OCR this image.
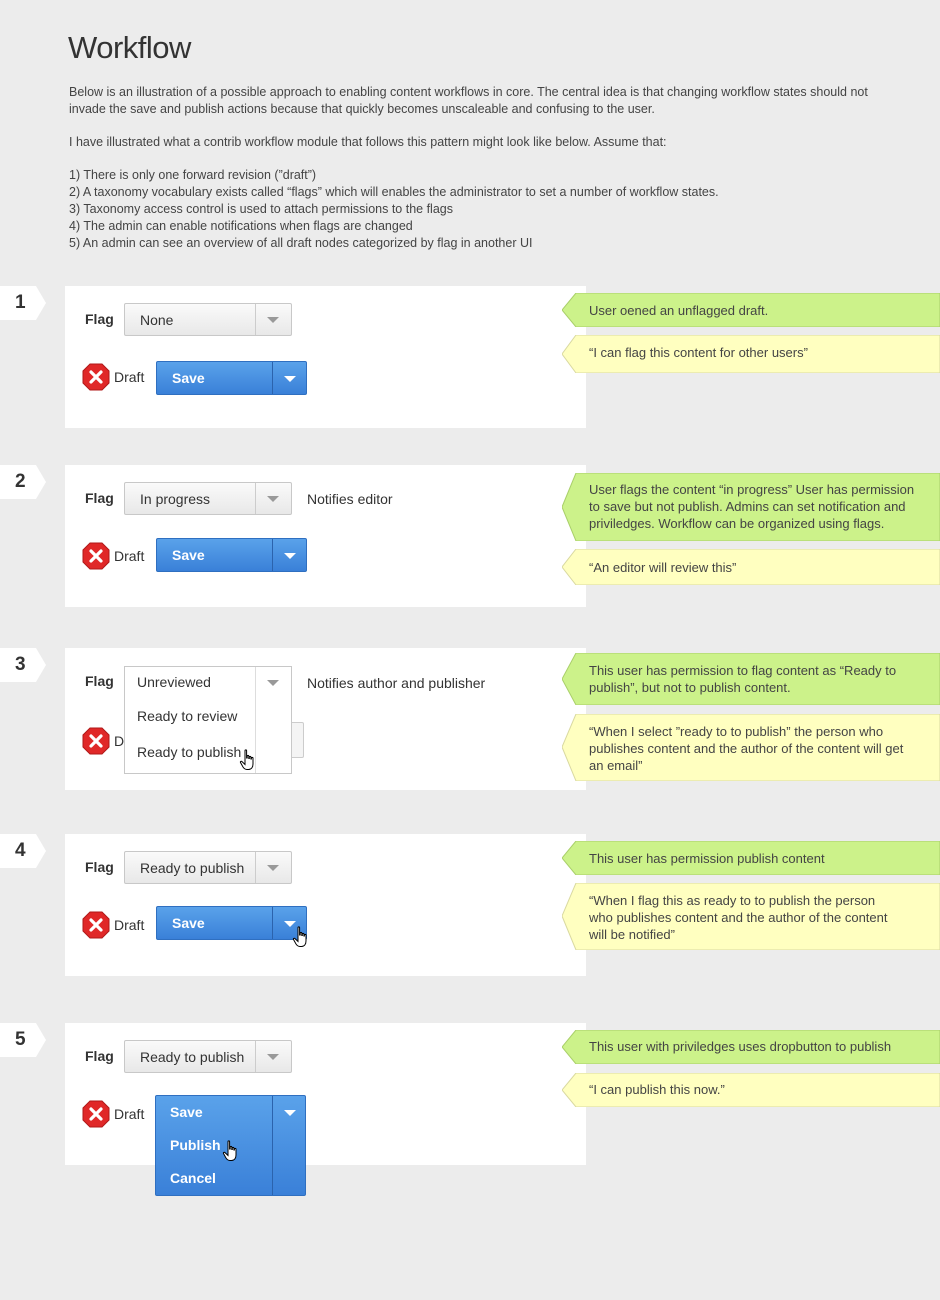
Workflow

Below is an illustration of a possible approach to enabling content workflows in core. The central idea is that changing workflow states should not invade the save and publish actions because that quickly becomes unscaleable and confusing to the user.

I have illustrated what a contrib workflow module that follows this pattern might look like below. Assume that:

1) There is only one forward revision (”draft”)
2) A taxonomy vocabulary exists called “flags” which will enables the administrator to set a number of workflow states.
3) Taxonomy access control is used to attach permissions to the flags
4) The admin can enable notifications when flags are changed
5) An admin can see an overview of all draft nodes categorized by flag in another UI
1
Flag None
Draft Save
User oened an unflagged draft.
“I can flag this content for other users”
2
Flag In progress	Notifies editor
Draft Save
User flags the content “in progress” User has permission to save but not publish. Admins can set notification and priviledges. Workflow can be organized using flags.
“An editor will review this”
3
Flag
D
Unreviewed
Ready to review
Ready to publish
Notifies author and publisher
This user has permission to flag content as “Ready to publish”, but not to publish content.
“When I select ”ready to to publish” the person who publishes content and the author of the content will get an email”
4
Flag Ready to publish
Draft Save
This user has permission publish content
“When I flag this as ready to to publish the person who publishes content and the author of the content will be notified”
5
Flag Ready to publish
Draft Save
Publish
Cancel
This user with priviledges uses dropbutton to publish
“I can publish this now.”
